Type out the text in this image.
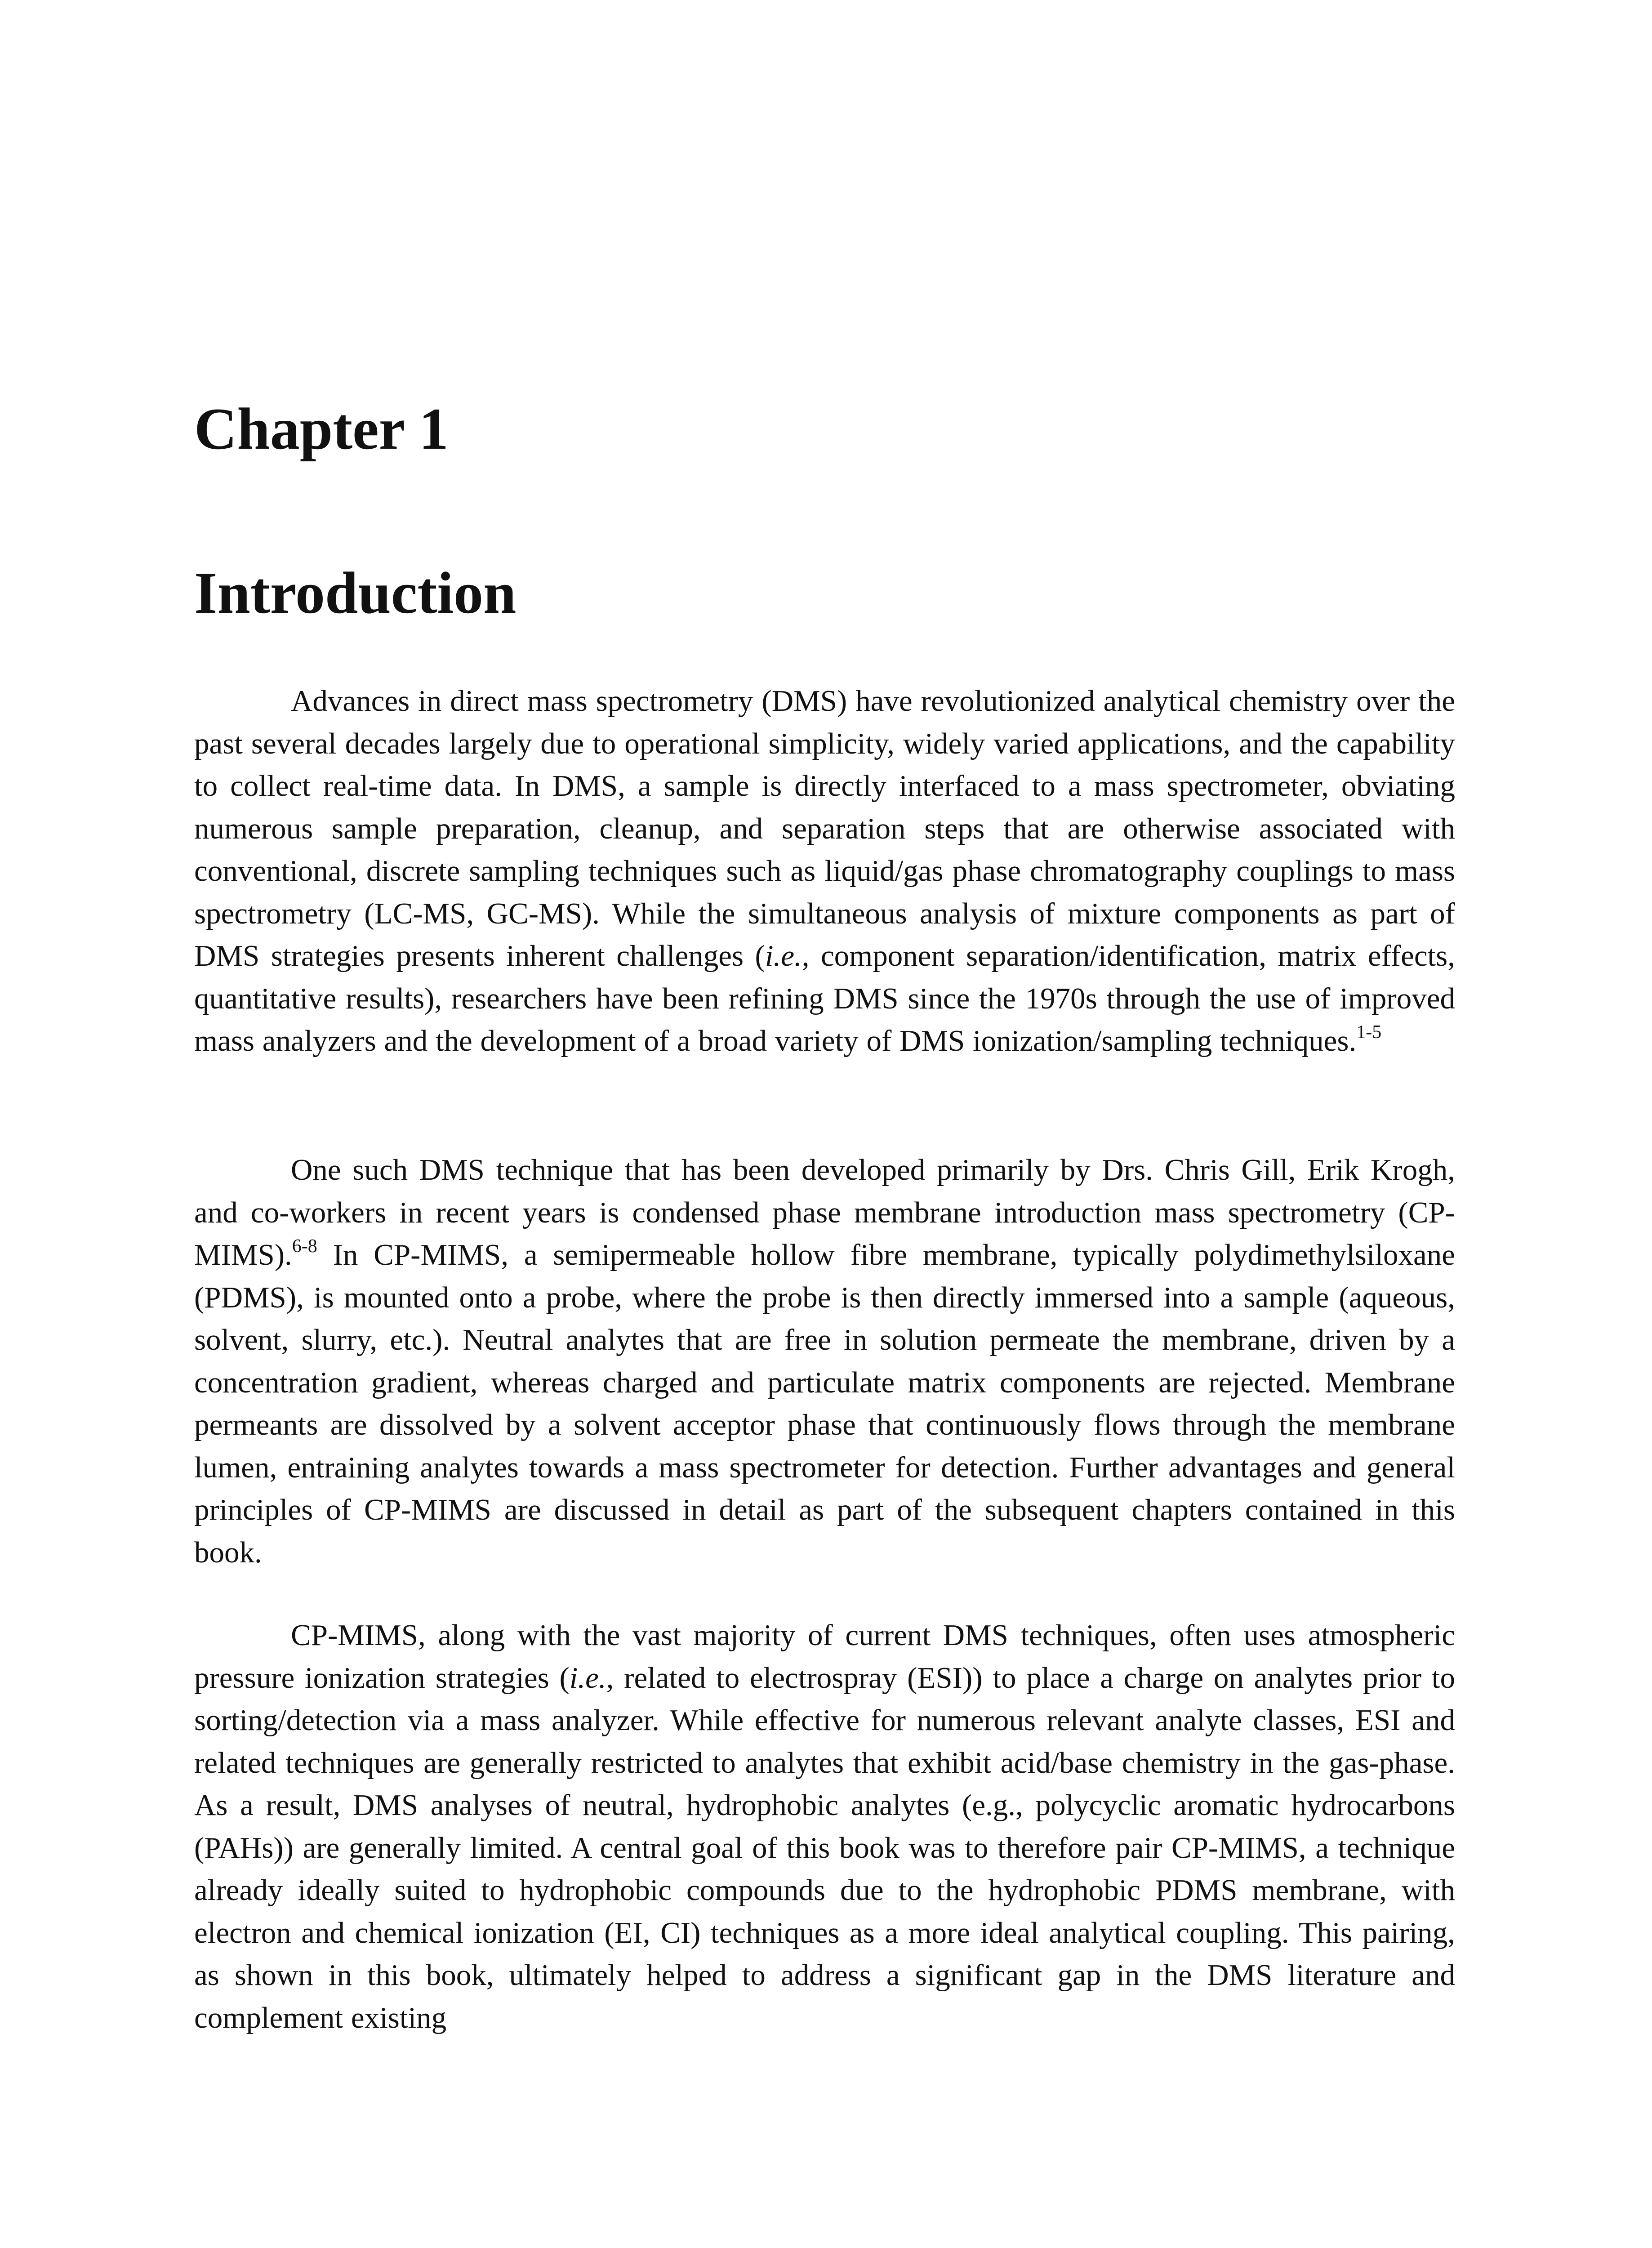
Chapter 1
Introduction

Advances in direct mass spectrometry (DMS) have revolutionized analytical chemistry over the past several decades largely due to operational simplicity, widely varied applications, and the capability to collect real-time data. In DMS, a sample is directly interfaced to a mass spectrometer, obviating numerous sample preparation, cleanup, and separation steps that are otherwise associated with conventional, discrete sampling techniques such as liquid/gas phase chromatography couplings to mass spectrometry (LC-MS, GC-MS). While the simultaneous analysis of mixture components as part of DMS strategies presents inherent challenges (i.e., component separation/identification, matrix effects, quantitative results), researchers have been refining DMS since the 1970s through the use of improved mass analyzers and the development of a broad variety of DMS ionization/sampling techniques.$^{1-5}$

One such DMS technique that has been developed primarily by Drs. Chris Gill, Erik Krogh, and co-workers in recent years is condensed phase membrane introduction mass spectrometry (CP-MIMS).$^{6-8}$ In CP-MIMS, a semipermeable hollow fibre membrane, typically polydimethylsiloxane (PDMS), is mounted onto a probe, where the probe is then directly immersed into a sample (aqueous, solvent, slurry, etc.). Neutral analytes that are free in solution permeate the membrane, driven by a concentration gradient, whereas charged and particulate matrix components are rejected. Membrane permeants are dissolved by a solvent acceptor phase that continuously flows through the membrane lumen, entraining analytes towards a mass spectrometer for detection. Further advantages and general principles of CP-MIMS are discussed in detail as part of the subsequent chapters contained in this book.

CP-MIMS, along with the vast majority of current DMS techniques, often uses atmospheric pressure ionization strategies (i.e., related to electrospray (ESI)) to place a charge on analytes prior to sorting/detection via a mass analyzer. While effective for numerous relevant analyte classes, ESI and related techniques are generally restricted to analytes that exhibit acid/base chemistry in the gas-phase. As a result, DMS analyses of neutral, hydrophobic analytes (e.g., polycyclic aromatic hydrocarbons (PAHs)) are generally limited. A central goal of this book was to therefore pair CP-MIMS, a technique already ideally suited to hydrophobic compounds due to the hydrophobic PDMS membrane, with electron and chemical ionization (EI, CI) techniques as a more ideal analytical coupling. This pairing, as shown in this book, ultimately helped to address a significant gap in the DMS literature and complement existing
